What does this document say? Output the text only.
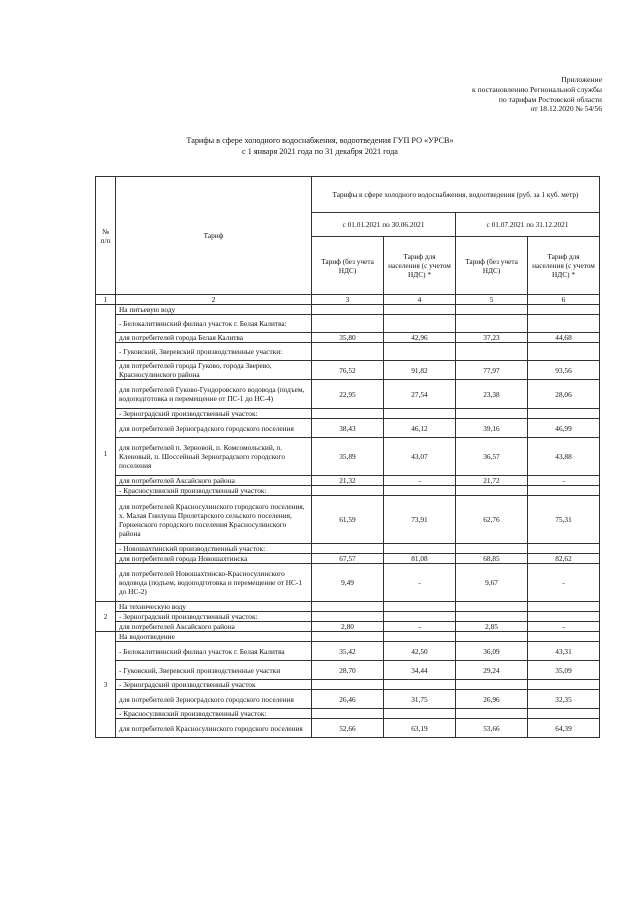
Приложение
к постановлению Региональной службы
по тарифам Ростовской области
от 18.12.2020 № 54/56
Тарифы в сфере холодного водоснабжения, водоотведения ГУП РО «УРСВ»
с 1 января 2021 года по 31 декабря 2021 года
№ п/п	Тариф	Тарифы в сфере холодного водоснабжения, водоотведения (руб. за 1 куб. метр)			
		с 01.01.2021 по 30.06.2021		с 01.07.2021 по 31.12.2021	
		Тариф (без учета НДС)	Тариф для населения (с учетом НДС) *	Тариф (без учета НДС)	Тариф для населения (с учетом НДС) *
1	2	3	4	5	6
1	На питьевую воду				
	- Белокалитвинский филиал участок г. Белая Калитва:				
	для потребителей города Белая Калитва	35,80	42,96	37,23	44,68
	- Гуковский, Зверевский производственные участки:				
	для потребителей города Гуково, города Зверево, Красносулинского района	76,52	91,82	77,97	93,56
	для потребителей Гуково-Гундоровского водовода (подъем, водоподготовка и перемещение от ПС-1 до НС-4)	22,95	27,54	23,38	28,06
	- Зерноградский производственный участок:				
	для потребителей Зерноградского городского поселения	38,43	46,12	39,16	46,99
	для потребителей п. Зерновой, п. Комсомольский, п. Кленовый, п. Шоссейный Зерноградского городского поселения	35,89	43,07	36,57	43,88
	для потребителей Аксайского района	21,32	-	21,72	-
	- Красносулинский производственный участок:				
	для потребителей Красносулинского городского поселения, х. Малая Гнилуша Пролетарского сельского поселения, Горненского городского поселения Красносулинского района	61,59	73,91	62,76	75,31
	- Новошахтинский производственный участок:				
	для потребителей города Новошахтинска	67,57	81,08	68,85	82,62
	для потребителей Новошахтинско-Красносулинского водовода (подъем, водоподготовка и перемещение от НС-1 до НС-2)	9,49	-	9,67	-
2	На техническую воду				
	- Зерноградский производственный участок:				
	для потребителей Аксайского района	2,80	-	2,85	-
3	На водоотведение				
	- Белокалитвинский филиал участок г. Белая Калитва	35,42	42,50	36,09	43,31
	- Гуковский, Зверевский производственные участки	28,70	34,44	29,24	35,09
	- Зерноградский производственный участок				
	для потребителей Зерноградского городского поселения	26,46	31,75	26,96	32,35
	- Красносулинский производственный участок:				
	для потребителей Красносулинского городского поселения	52,66	63,19	53,66	64,39
